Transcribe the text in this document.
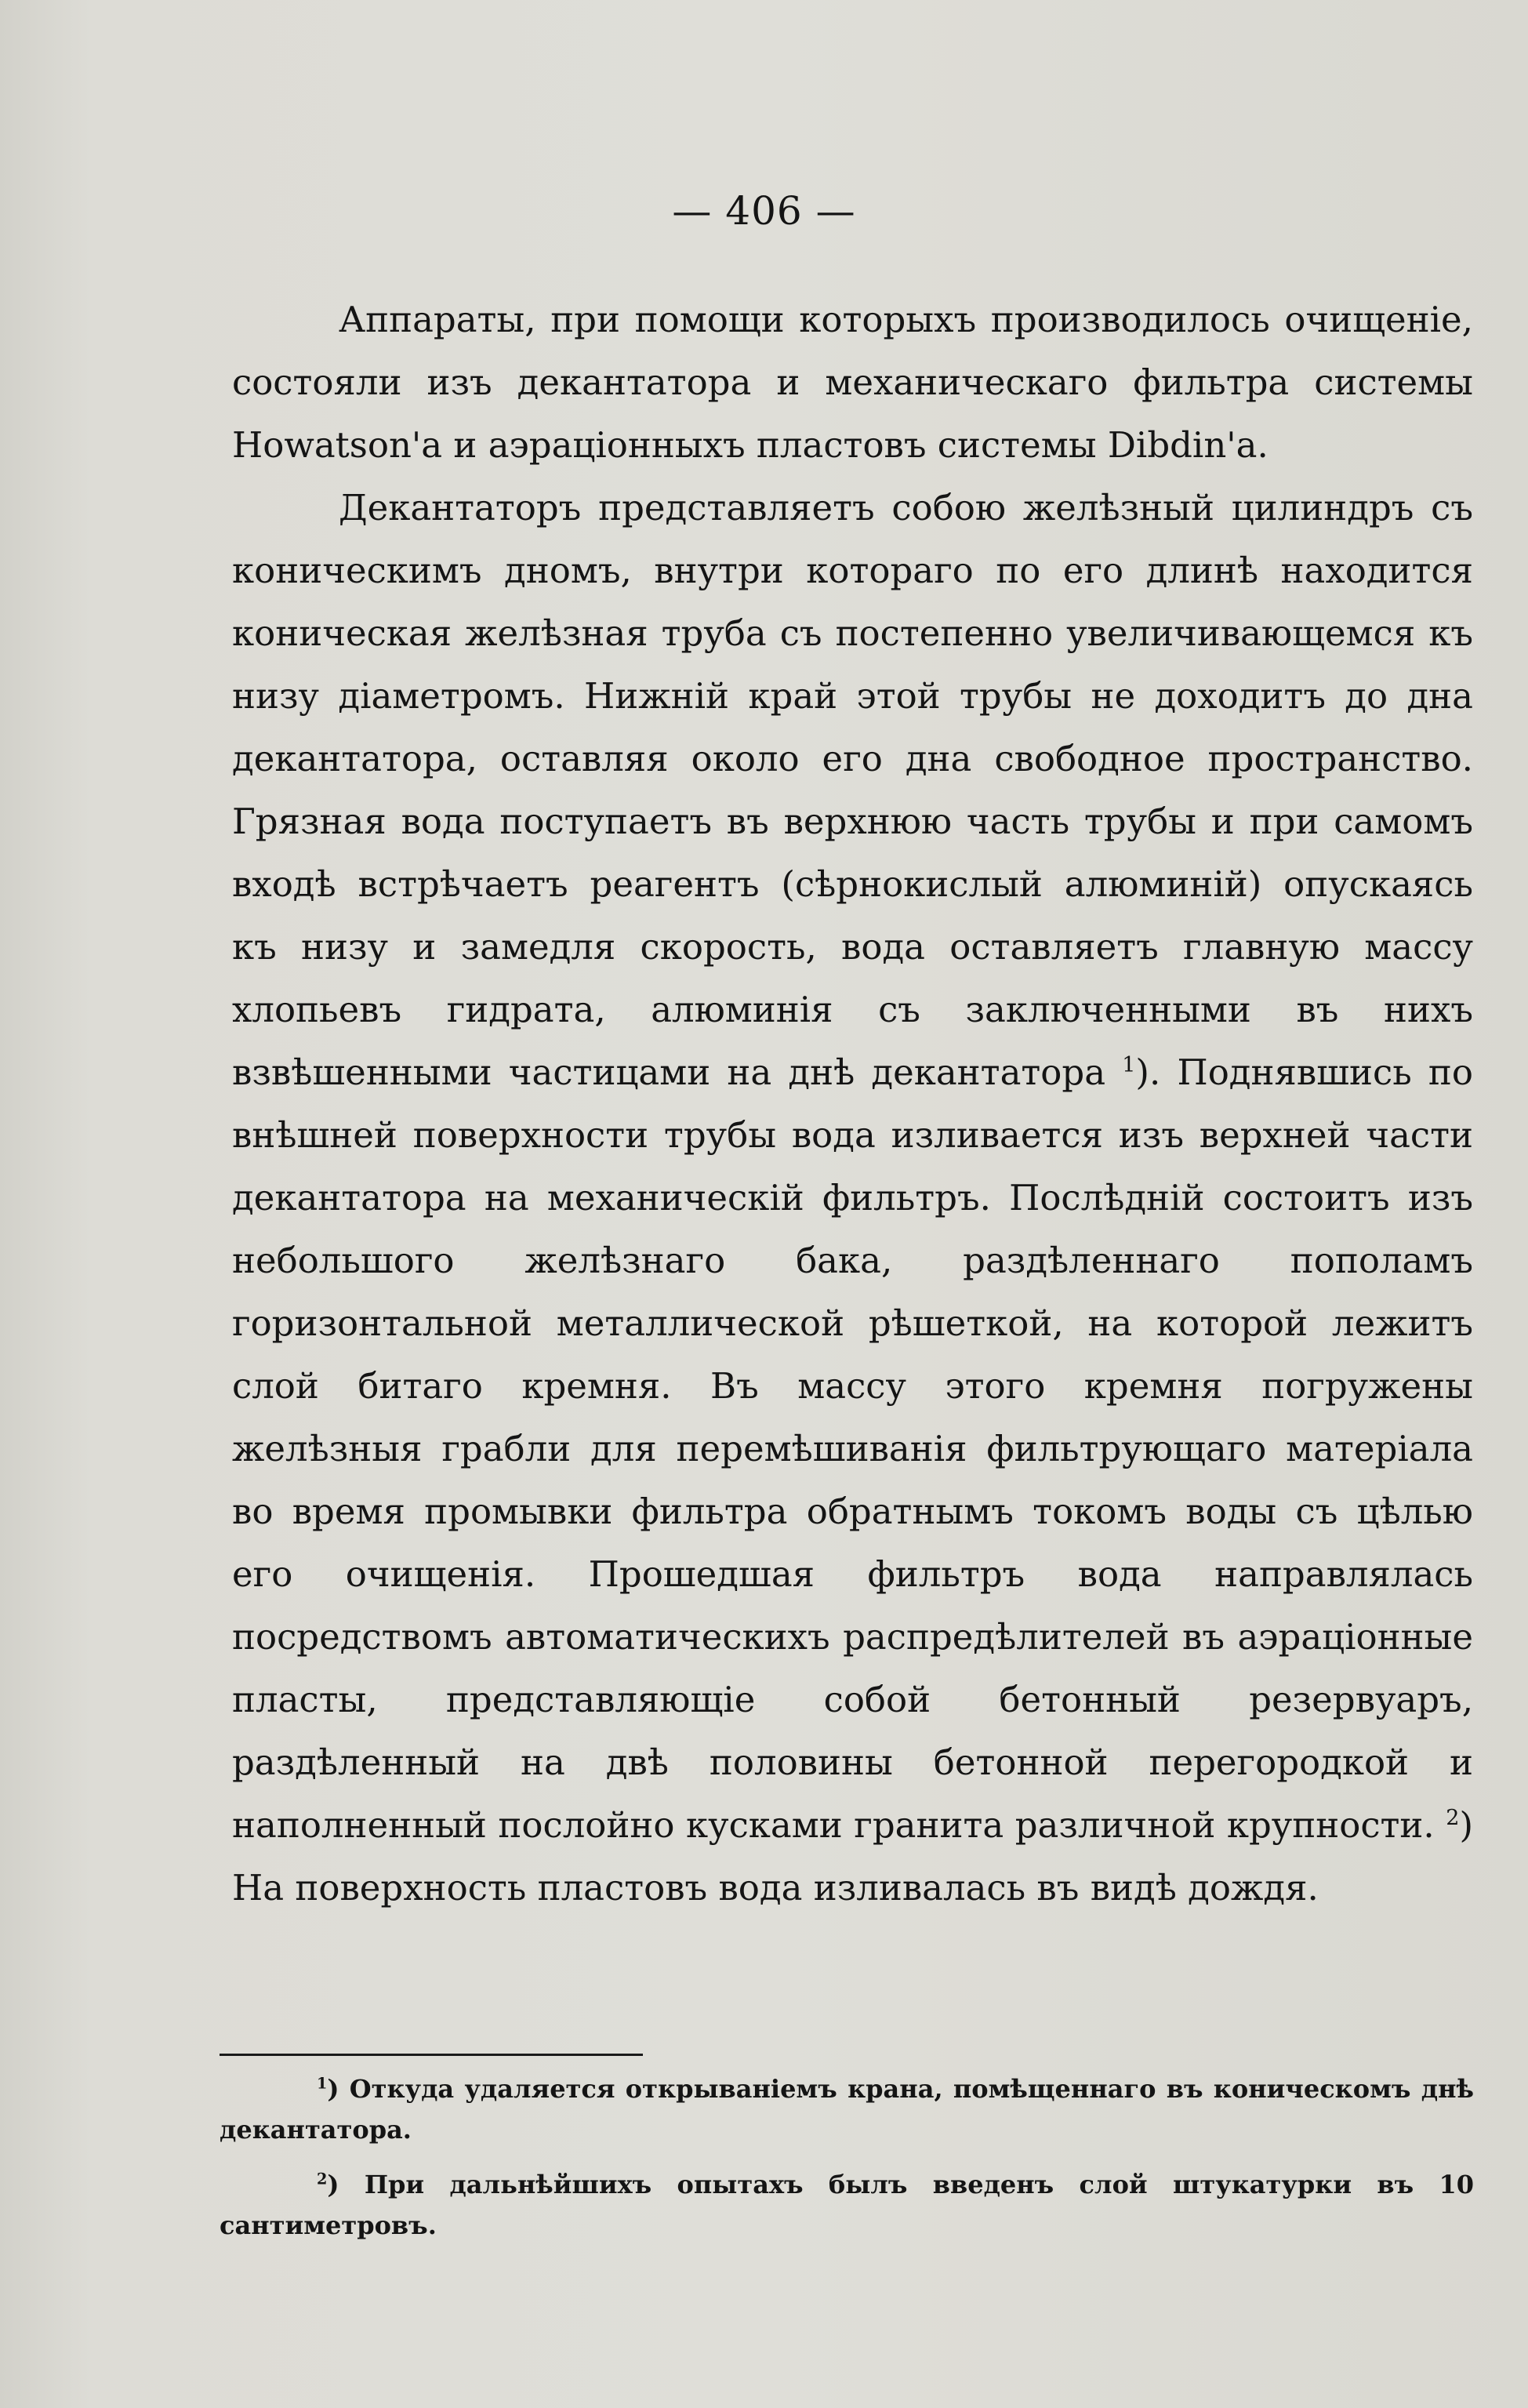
— 406 —

Аппараты, при помощи которыхъ производилось очищеніе, состояли изъ декантатора и механическаго фильтра системы Howatson'а и аэраціонныхъ пластовъ системы Dibdin'а.

Декантаторъ представляетъ собою желѣзный цилиндръ съ коническимъ дномъ, внутри котораго по его длинѣ находится коническая желѣзная труба съ постепенно увеличивающемся къ низу діаметромъ. Нижній край этой трубы не доходитъ до дна декантатора, оставляя около его дна свободное пространство. Грязная вода поступаетъ въ верхнюю часть трубы и при самомъ входѣ встрѣчаетъ реагентъ (сѣрнокислый алюминій) опускаясь къ низу и замедля скорость, вода оставляетъ главную массу хлопьевъ гидрата, алюминія съ заключенными въ нихъ взвѣшенными частицами на днѣ декантатора $^1$). Поднявшись по внѣшней поверхности трубы вода изливается изъ верхней части декантатора на механическій фильтръ. Послѣдній состоитъ изъ небольшого желѣзнаго бака, раздѣленнаго пополамъ горизонтальной металлической рѣшеткой, на которой лежитъ слой битаго кремня. Въ массу этого кремня погружены желѣзныя грабли для перемѣшиванія фильтрующаго матеріала во время промывки фильтра обратнымъ токомъ воды съ цѣлью его очищенія. Прошедшая фильтръ вода направлялась посредствомъ автоматическихъ распредѣлителей въ аэраціонные пласты, представляющіе собой бетонный резервуаръ, раздѣленный на двѣ половины бетонной перегородкой и наполненный послойно кусками гранита различной крупности. $^2$) На поверхность пластовъ вода изливалась въ видѣ дождя.

$^1$) Откуда удаляется открываніемъ крана, помѣщеннаго въ коническомъ днѣ декантатора.

$^2$) При дальнѣйшихъ опытахъ былъ введенъ слой штукатурки въ 10 сантиметровъ.
